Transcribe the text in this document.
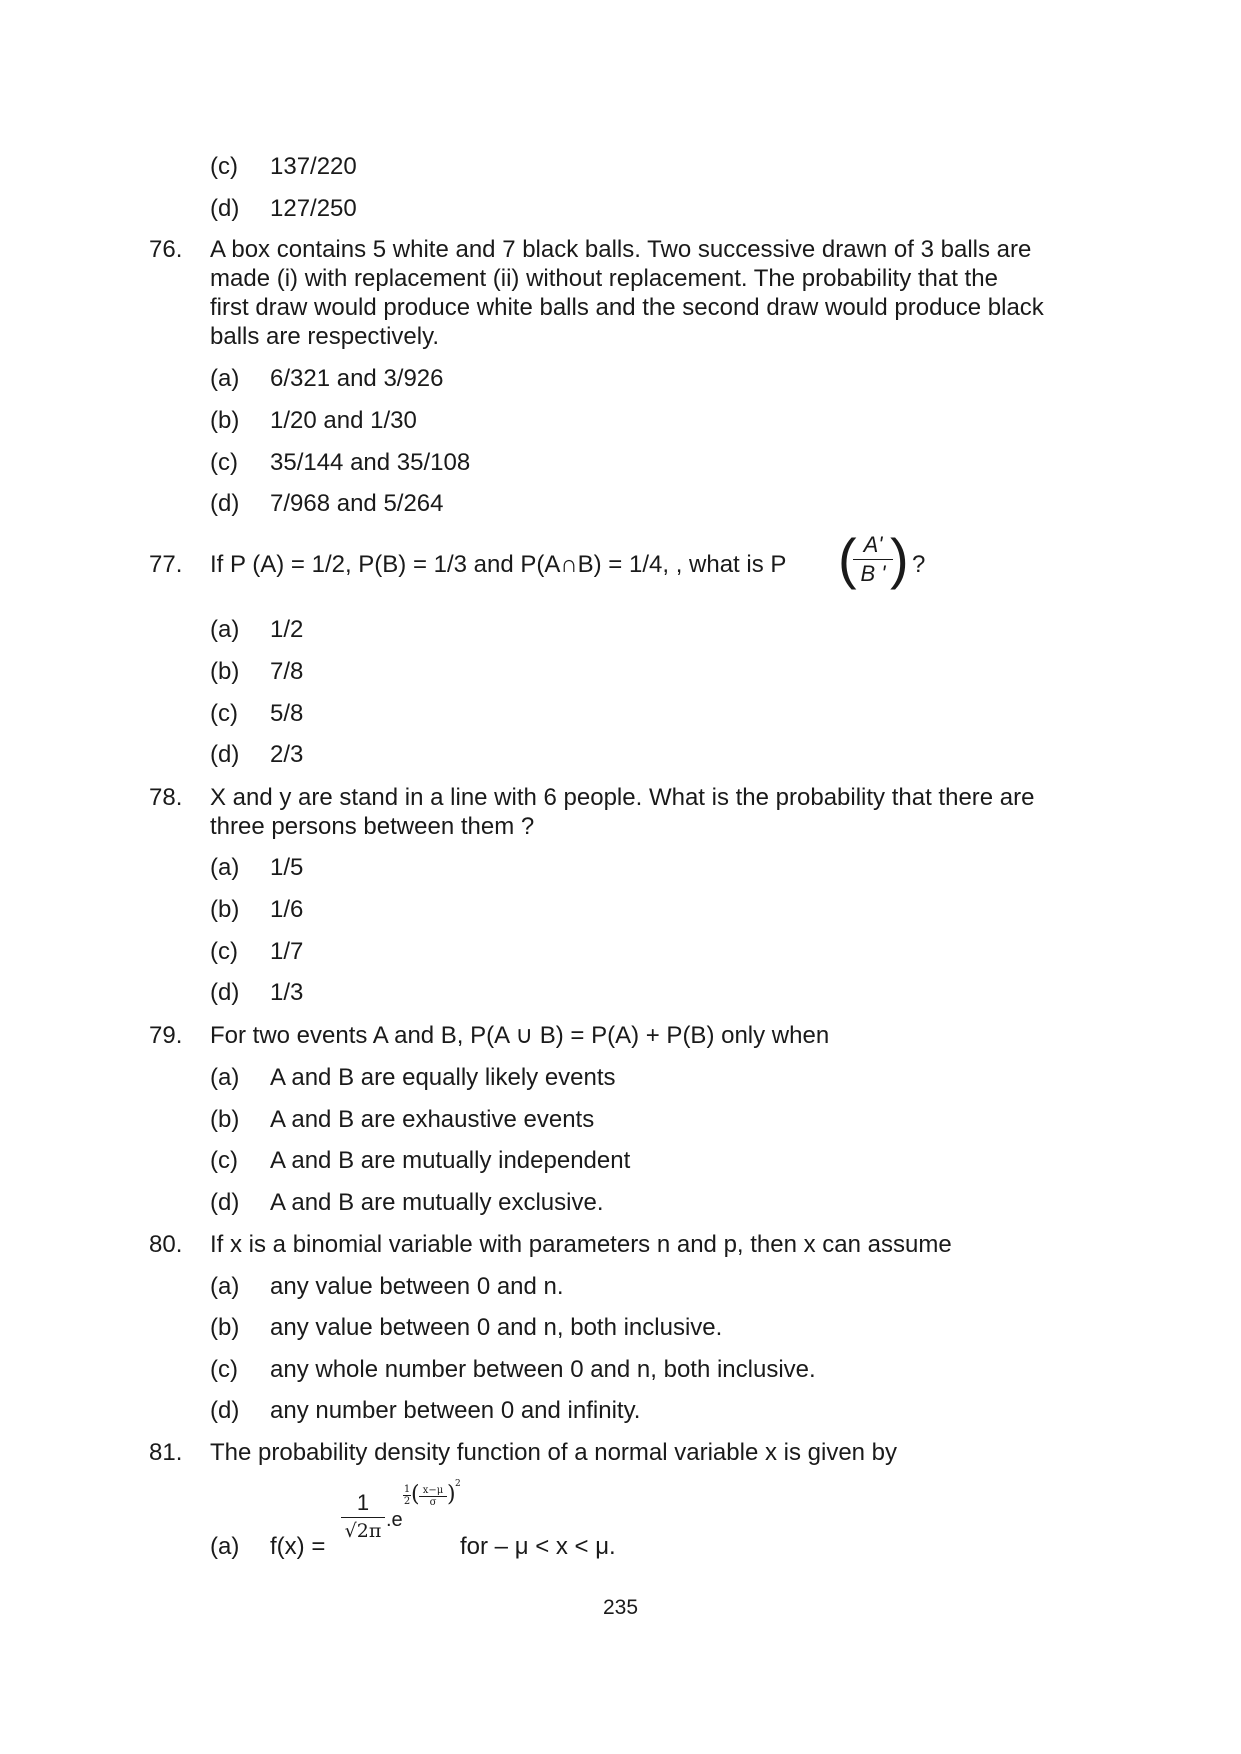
(c) 137/220
(d) 127/250
76. A box contains 5 white and 7 black balls. Two successive drawn of 3 balls are
made (i) with replacement (ii) without replacement. The probability that the
first draw would produce white balls and the second draw would produce black
balls are respectively.
(a) 6/321 and 3/926
(b) 1/20 and 1/30
(c) 35/144 and 35/108
(d) 7/968 and 5/264
77. If P (A) = 1/2, P(B) = 1/3 and P(A∩B) = 1/4, , what is P ( A'
B ' ) ?
(a) 1/2
(b) 7/8
(c) 5/8
(d) 2/3
78. X and y are stand in a line with 6 people. What is the probability that there are
three persons between them ?
(a) 1/5
(b) 1/6
(c) 1/7
(d) 1/3
79. For two events A and B, P(A ∪ B) = P(A) + P(B) only when
(a) A and B are equally likely events
(b) A and B are exhaustive events
(c) A and B are mutually independent
(d) A and B are mutually exclusive.
80. If x is a binomial variable with parameters n and p, then x can assume
(a) any value between 0 and n.
(b) any value between 0 and n, both inclusive.
(c) any whole number between 0 and n, both inclusive.
(d) any number between 0 and infinity.
81. The probability density function of a normal variable x is given by
(a) f(x) =
1
√2π .e
1
2 ( x−μ
σ ) 2
for – μ < x < μ.
235
